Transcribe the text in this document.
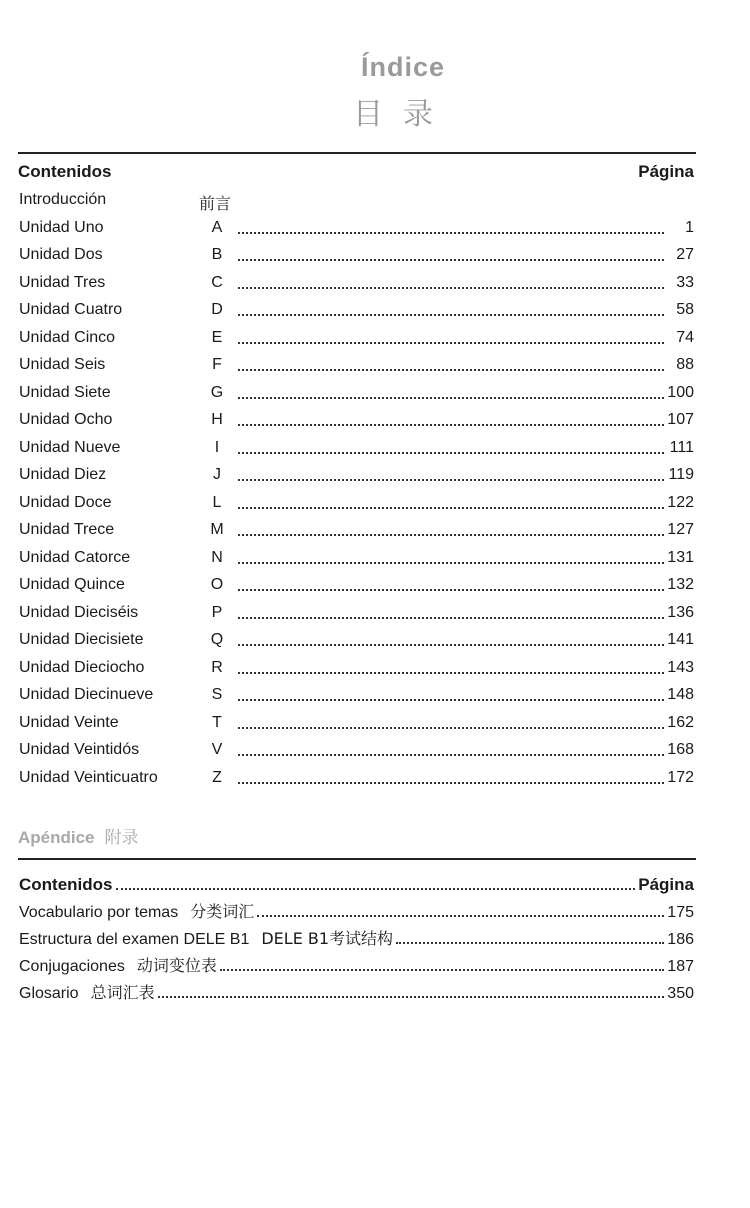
Índice
目录
Contenidos	Página
Introducción	前言
Unidad Uno	A	1
Unidad Dos	B	27
Unidad Tres	C	33
Unidad Cuatro	D	58
Unidad Cinco	E	74
Unidad Seis	F	88
Unidad Siete	G	100
Unidad Ocho	H	107
Unidad Nueve	I	111
Unidad Diez	J	119
Unidad Doce	L	122
Unidad Trece	M	127
Unidad Catorce	N	131
Unidad Quince	O	132
Unidad Dieciséis	P	136
Unidad Diecisiete	Q	141
Unidad Dieciocho	R	143
Unidad Diecinueve	S	148
Unidad Veinte	T	162
Unidad Veintidós	V	168
Unidad Veinticuatro	Z	172
Apéndice 附录
Contenidos	Página
Vocabulario por temas 分类词汇	175
Estructura del examen DELE B1 DELE B1考试结构	186
Conjugaciones 动词变位表	187
Glosario 总词汇表	350
